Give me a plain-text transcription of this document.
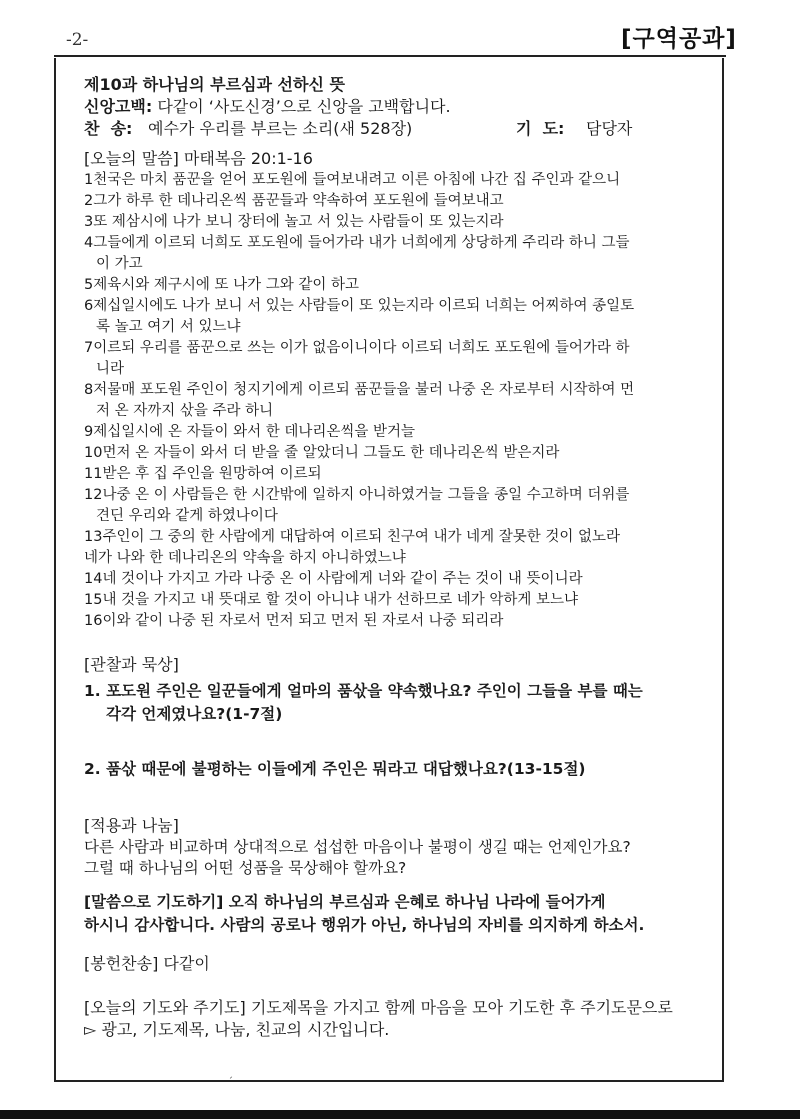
-2-	[구역공과]

제10과 하나님의 부르심과 선하신 뜻

신앙고백: 다같이 ‘사도신경’으로 신앙을 고백합니다.

찬  송: 예수가 우리를 부르는 소리(새 528장)	기  도: 담당자

[오늘의 말씀] 마태복음 20:1-16

1천국은 마치 품꾼을 얻어 포도원에 들여보내려고 이른 아침에 나간 집 주인과 같으니

2그가 하루 한 데나리온씩 품꾼들과 약속하여 포도원에 들여보내고

3또 제삼시에 나가 보니 장터에 놀고 서 있는 사람들이 또 있는지라

4그들에게 이르되 너희도 포도원에 들어가라 내가 너희에게 상당하게 주리라 하니 그들

이 가고

5제육시와 제구시에 또 나가 그와 같이 하고

6제십일시에도 나가 보니 서 있는 사람들이 또 있는지라 이르되 너희는 어찌하여 종일토

록 놀고 여기 서 있느냐

7이르되 우리를 품꾼으로 쓰는 이가 없음이니이다 이르되 너희도 포도원에 들어가라 하

니라

8저물매 포도원 주인이 청지기에게 이르되 품꾼들을 불러 나중 온 자로부터 시작하여 먼

저 온 자까지 삯을 주라 하니

9제십일시에 온 자들이 와서 한 데나리온씩을 받거늘

10먼저 온 자들이 와서 더 받을 줄 알았더니 그들도 한 데나리온씩 받은지라

11받은 후 집 주인을 원망하여 이르되

12나중 온 이 사람들은 한 시간밖에 일하지 아니하였거늘 그들을 종일 수고하며 더위를

견딘 우리와 같게 하였나이다

13주인이 그 중의 한 사람에게 대답하여 이르되 친구여 내가 네게 잘못한 것이 없노라

네가 나와 한 데나리온의 약속을 하지 아니하였느냐

14네 것이나 가지고 가라 나중 온 이 사람에게 너와 같이 주는 것이 내 뜻이니라

15내 것을 가지고 내 뜻대로 할 것이 아니냐 내가 선하므로 네가 악하게 보느냐

16이와 같이 나중 된 자로서 먼저 되고 먼저 된 자로서 나중 되리라

[관찰과 묵상]

1. 포도원 주인은 일꾼들에게 얼마의 품삯을 약속했나요? 주인이 그들을 부를 때는
각각 언제였나요?(1-7절)

2. 품삯 때문에 불평하는 이들에게 주인은 뭐라고 대답했나요?(13-15절)

[적용과 나눔]

다른 사람과 비교하며 상대적으로 섭섭한 마음이나 불평이 생길 때는 언제인가요?

그럴 때 하나님의 어떤 성품을 묵상해야 할까요?

[말씀으로 기도하기] 오직 하나님의 부르심과 은혜로 하나님 나라에 들어가게

하시니 감사합니다. 사람의 공로나 행위가 아닌, 하나님의 자비를 의지하게 하소서.

[봉헌찬송] 다같이

[오늘의 기도와 주기도] 기도제목을 가지고 함께 마음을 모아 기도한 후 주기도문으로

▻ 광고, 기도제목, 나눔, 친교의 시간입니다.

ˏ
